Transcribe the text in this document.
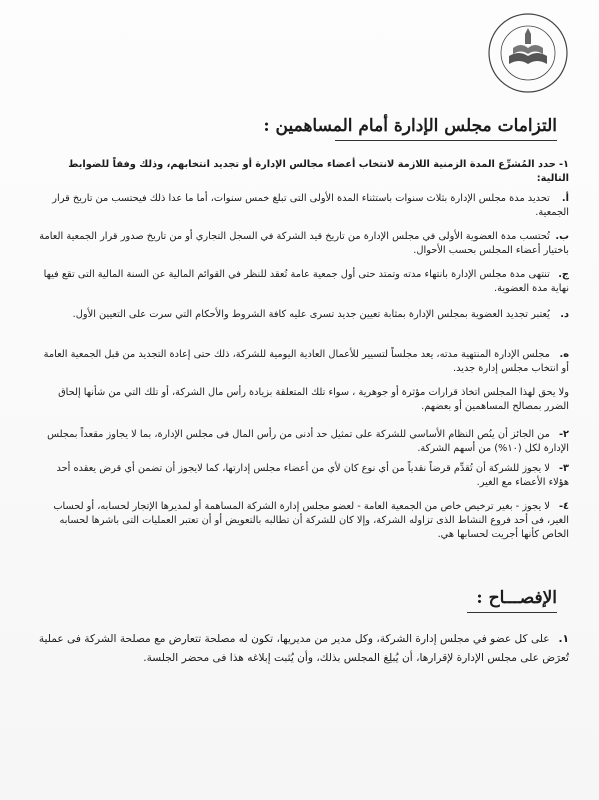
التزامات مجلس الإدارة أمام المساهمين :
١- حدد المُشرِّع المدة الزمنية اللازمة لانتخاب أعضاء مجالس الإدارة أو تجديد انتخابهم، وذلك وفقاً للضوابط التالية:
أ. تحديد مدة مجلس الإدارة بثلاث سنوات باستثناء المدة الأولى التى تبلغ خمس سنوات، أما ما عدا ذلك فيحتسب من تاريخ قرار الجمعية.
ب. تُحتسب مدة العضوية الأولى في مجلس الإدارة من تاريخ قيد الشركة في السجل التجاري أو من تاريخ صدور قرار الجمعية العامة باختيار أعضاء المجلس بحسب الأحوال.
ج. تنتهى مدة مجلس الإدارة بانتهاء مدته وتمتد حتى أول جمعية عامة تُعقد للنظر في القوائم المالية عن السنة المالية التى تقع فيها نهاية مدة العضوية.
د. يُعتبر تجديد العضوية بمجلس الإدارة بمثابة تعيين جديد تسرى عليه كافة الشروط والأحكام التي سرت على التعيين الأول.
ه. مجلس الإدارة المنتهية مدته، يعد مجلساً لتسيير للأعمال العادية اليومية للشركة، ذلك حتى إعادة التجديد من قبل الجمعية العامة أو انتخاب مجلس إدارة جديد.
ولا يحق لهذا المجلس اتخاذ قرارات مؤثرة أو جوهرية ، سواء تلك المتعلقة بزيادة رأس مال الشركة، أو تلك التي من شأنها إلحاق الضرر بمصالح المساهمين أو بعضهم.
٢- من الجائز أن ينُص النظام الأساسي للشركة على تمثيل حد أدنى من رأس المال فى مجلس الإدارة، بما لا يجاوز مقعداً بمجلس الإدارة لكل (١٠%) من أسهم الشركة.
٣- لا يجوز للشركة أن تُقدِّم قرضاً نقدياً من أي نوع كان لأي من أعضاء مجلس إدارتها، كما لايجوز أن تضمن أي قرض يعقده أحد هؤلاء الأعضاء مع الغير.
٤- لا يجوز - بغير ترخيص خاص من الجمعية العامة - لعضو مجلس إدارة الشركة المساهمة أو لمديرها الإتجار لحسابه، أو لحساب الغير، فى أحد فروع النشاط الذى تزاوله الشركة، وإلا كان للشركة أن تطالبه بالتعويض أو أن تعتبر العمليات التى باشرها لحسابه الخاص كأنها أجريت لحسابها هي.
الإفصـــاح :
١. على كل عضو في مجلس إدارة الشركة، وكل مدير من مديريها، تكون له مصلحة تتعارض مع مصلحة الشركة فى عملية تُعرَض على مجلس الإدارة لإقرارها، أن يُبلِغ المجلس بذلك، وأن يُثبت إبلاغه هذا فى محضر الجلسة.
